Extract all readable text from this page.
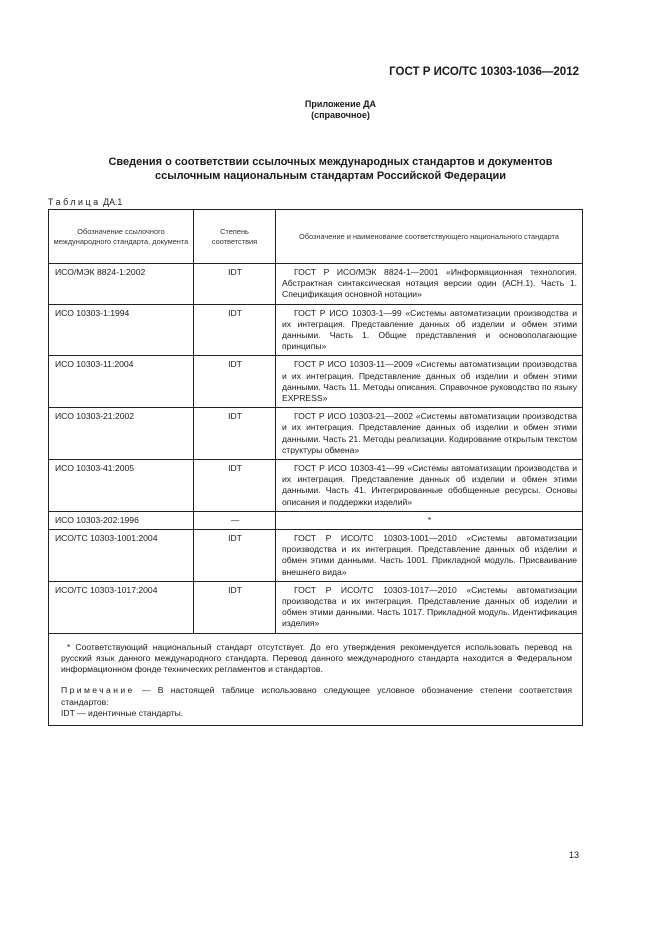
ГОСТ Р ИСО/ТС 10303-1036—2012
Приложение ДА
(справочное)
Сведения о соответствии ссылочных международных стандартов и документов
ссылочным национальным стандартам Российской Федерации
Таблица ДА.1
Обозначение ссылочного международного стандарта, документа	Степень соответствия	Обозначение и наименование соответствующего национального стандарта
ИСО/МЭК 8824-1:2002	IDT	ГОСТ Р ИСО/МЭК 8824-1—2001 «Информационная технология. Абстрактная синтаксическая нотация версии один (АСН.1). Часть 1. Спецификация основной нотации»

ИСО 10303-1:1994	IDT	ГОСТ Р ИСО 10303-1—99 «Системы автоматизации производства и их интеграция. Представление данных об изделии и обмен этими данными. Часть 1. Общие представления и основополагающие принципы»

ИСО 10303-11:2004	IDT	ГОСТ Р ИСО 10303-11—2009 «Системы автоматизации производства и их интеграция. Представление данных об изделии и обмен этими данными. Часть 11. Методы описания. Справочное руководство по языку EXPRESS»

ИСО 10303-21:2002	IDT	ГОСТ Р ИСО 10303-21—2002 «Системы автоматизации производства и их интеграция. Представление данных об изделии и обмен этими данными. Часть 21. Методы реализации. Кодирование открытым текстом структуры обмена»

ИСО 10303-41:2005	IDT	ГОСТ Р ИСО 10303-41—99 «Системы автоматизации производства и их интеграция. Представление данных об изделии и обмен этими данными. Часть 41. Интегрированные обобщенные ресурсы. Основы описания и поддержки изделий»

ИСО 10303-202:1996	—	*
ИСО/ТС 10303-1001:2004	IDT	ГОСТ Р ИСО/ТС 10303-1001—2010 «Системы автоматизации производства и их интеграция. Представление данных об изделии и обмен этими данными. Часть 1001. Прикладной модуль. Присваивание внешнего вида»

ИСО/ТС 10303-1017:2004	IDT	ГОСТ Р ИСО/ТС 10303-1017—2010 «Системы автоматизации производства и их интеграция. Представление данных об изделии и обмен этими данными. Часть 1017. Прикладной модуль. Идентификация изделия»

* Соответствующий национальный стандарт отсутствует. До его утверждения рекомендуется использовать перевод на русский язык данного международного стандарта. Перевод данного международного стандарта находится в Федеральном информационном фонде технических регламентов и стандартов.

Примечание — В настоящей таблице использовано следующее условное обозначение степени соответствия стандартов:

IDT — идентичные стандарты.		

13
